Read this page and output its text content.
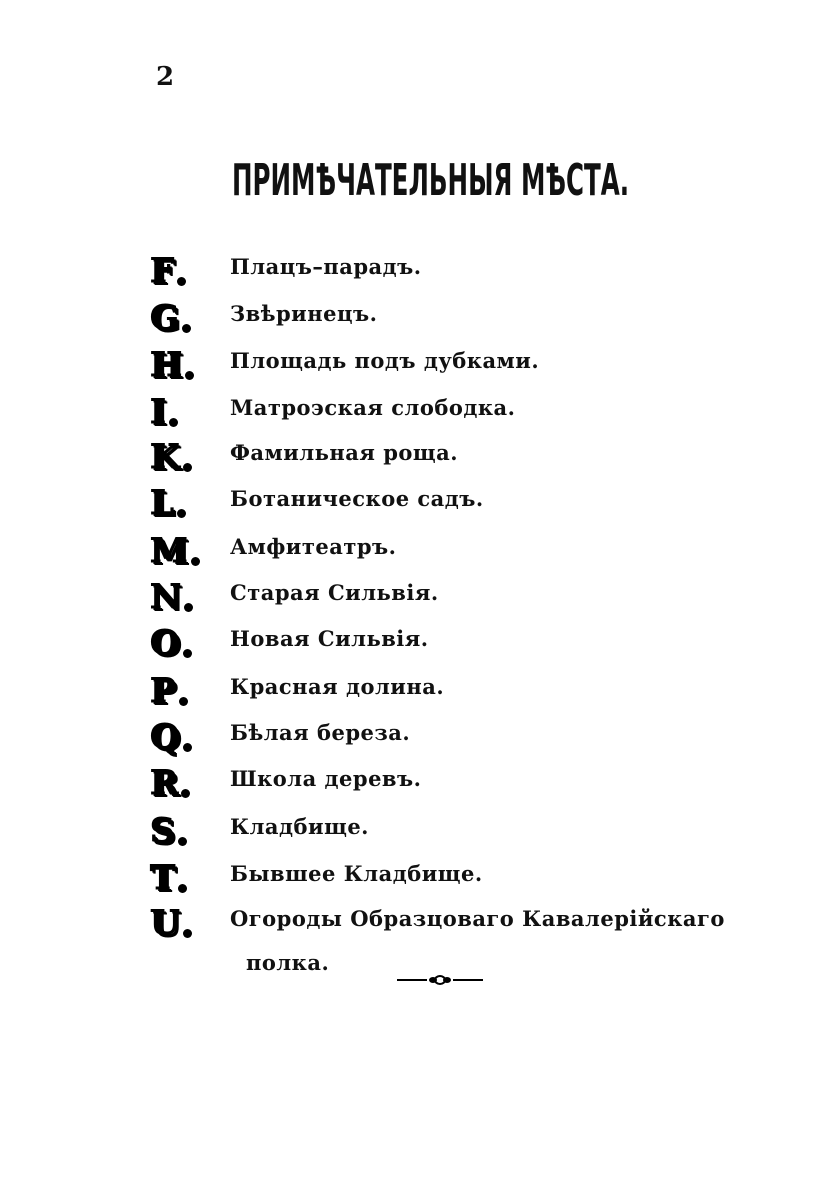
2
ПРИМѢЧАТЕЛЬНЫЯ МѢСТА.
F	Плацъ–парадъ.
G Звѣринецъ.
H Площадь подъ дубками.
I	Матроэская слободка.
K Фамильная роща.
L	Ботаническое садъ.
M Амфитеатръ.
N Старая Сильвія.
O Новая Сильвія.
P	Красная долина.
Q Бѣлая береза.
R Школа деревъ.
S	Кладбище.
T	Бывшее Кладбище.
U Огороды Образцоваго Кавалерiйскаго
полка.
